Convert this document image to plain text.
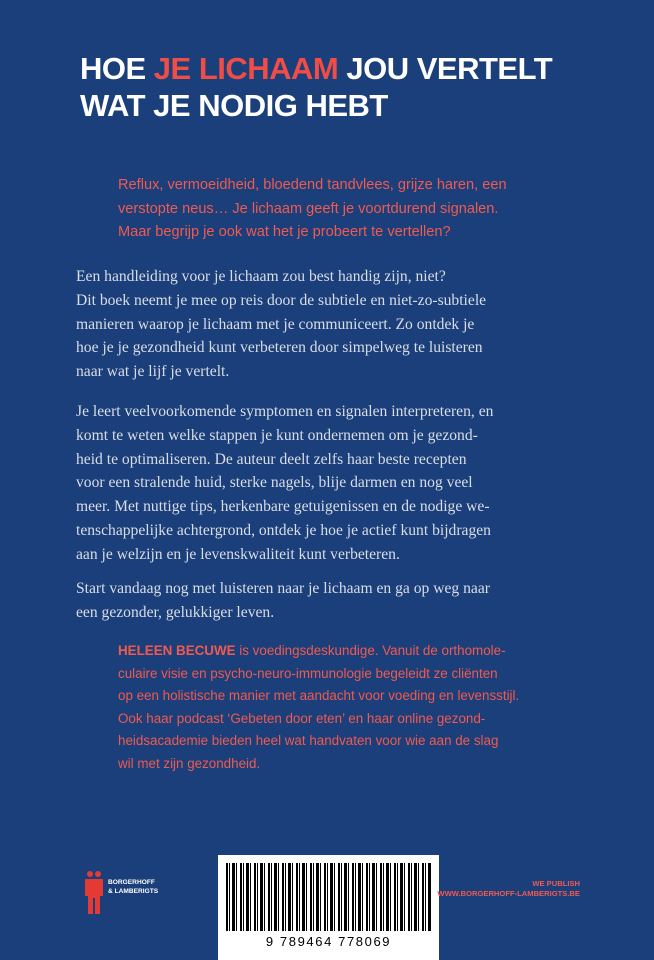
HOE JE LICHAAM JOU VERTELT
WAT JE NODIG HEBT

Reflux, vermoeidheid, bloedend tandvlees, grijze haren, een
verstopte neus… Je lichaam geeft je voortdurend signalen.
Maar begrijp je ook wat het je probeert te vertellen?

Een handleiding voor je lichaam zou best handig zijn, niet?
Dit boek neemt je mee op reis door de subtiele en niet-zo-subtiele
manieren waarop je lichaam met je communiceert. Zo ontdek je
hoe je je gezondheid kunt verbeteren door simpelweg te luisteren
naar wat je lijf je vertelt.

Je leert veelvoorkomende symptomen en signalen interpreteren, en
komt te weten welke stappen je kunt ondernemen om je gezond-
heid te optimaliseren. De auteur deelt zelfs haar beste recepten
voor een stralende huid, sterke nagels, blije darmen en nog veel
meer. Met nuttige tips, herkenbare getuigenissen en de nodige we-
tenschappelijke achtergrond, ontdek je hoe je actief kunt bijdragen
aan je welzijn en je levenskwaliteit kunt verbeteren.

Start vandaag nog met luisteren naar je lichaam en ga op weg naar
een gezonder, gelukkiger leven.

HELEEN BECUWE is voedingsdeskundige. Vanuit de orthomole-
culaire visie en psycho-neuro-immunologie begeleidt ze cliënten
op een holistische manier met aandacht voor voeding en levensstijl.
Ook haar podcast ‘Gebeten door eten’ en haar online gezond-
heidsacademie bieden heel wat handvaten voor wie aan de slag
wil met zijn gezondheid.

BORGERHOFF
& LAMBERIGTS

9 789464 778069

WE PUBLISH
WWW.BORGERHOFF-LAMBERIGTS.BE
